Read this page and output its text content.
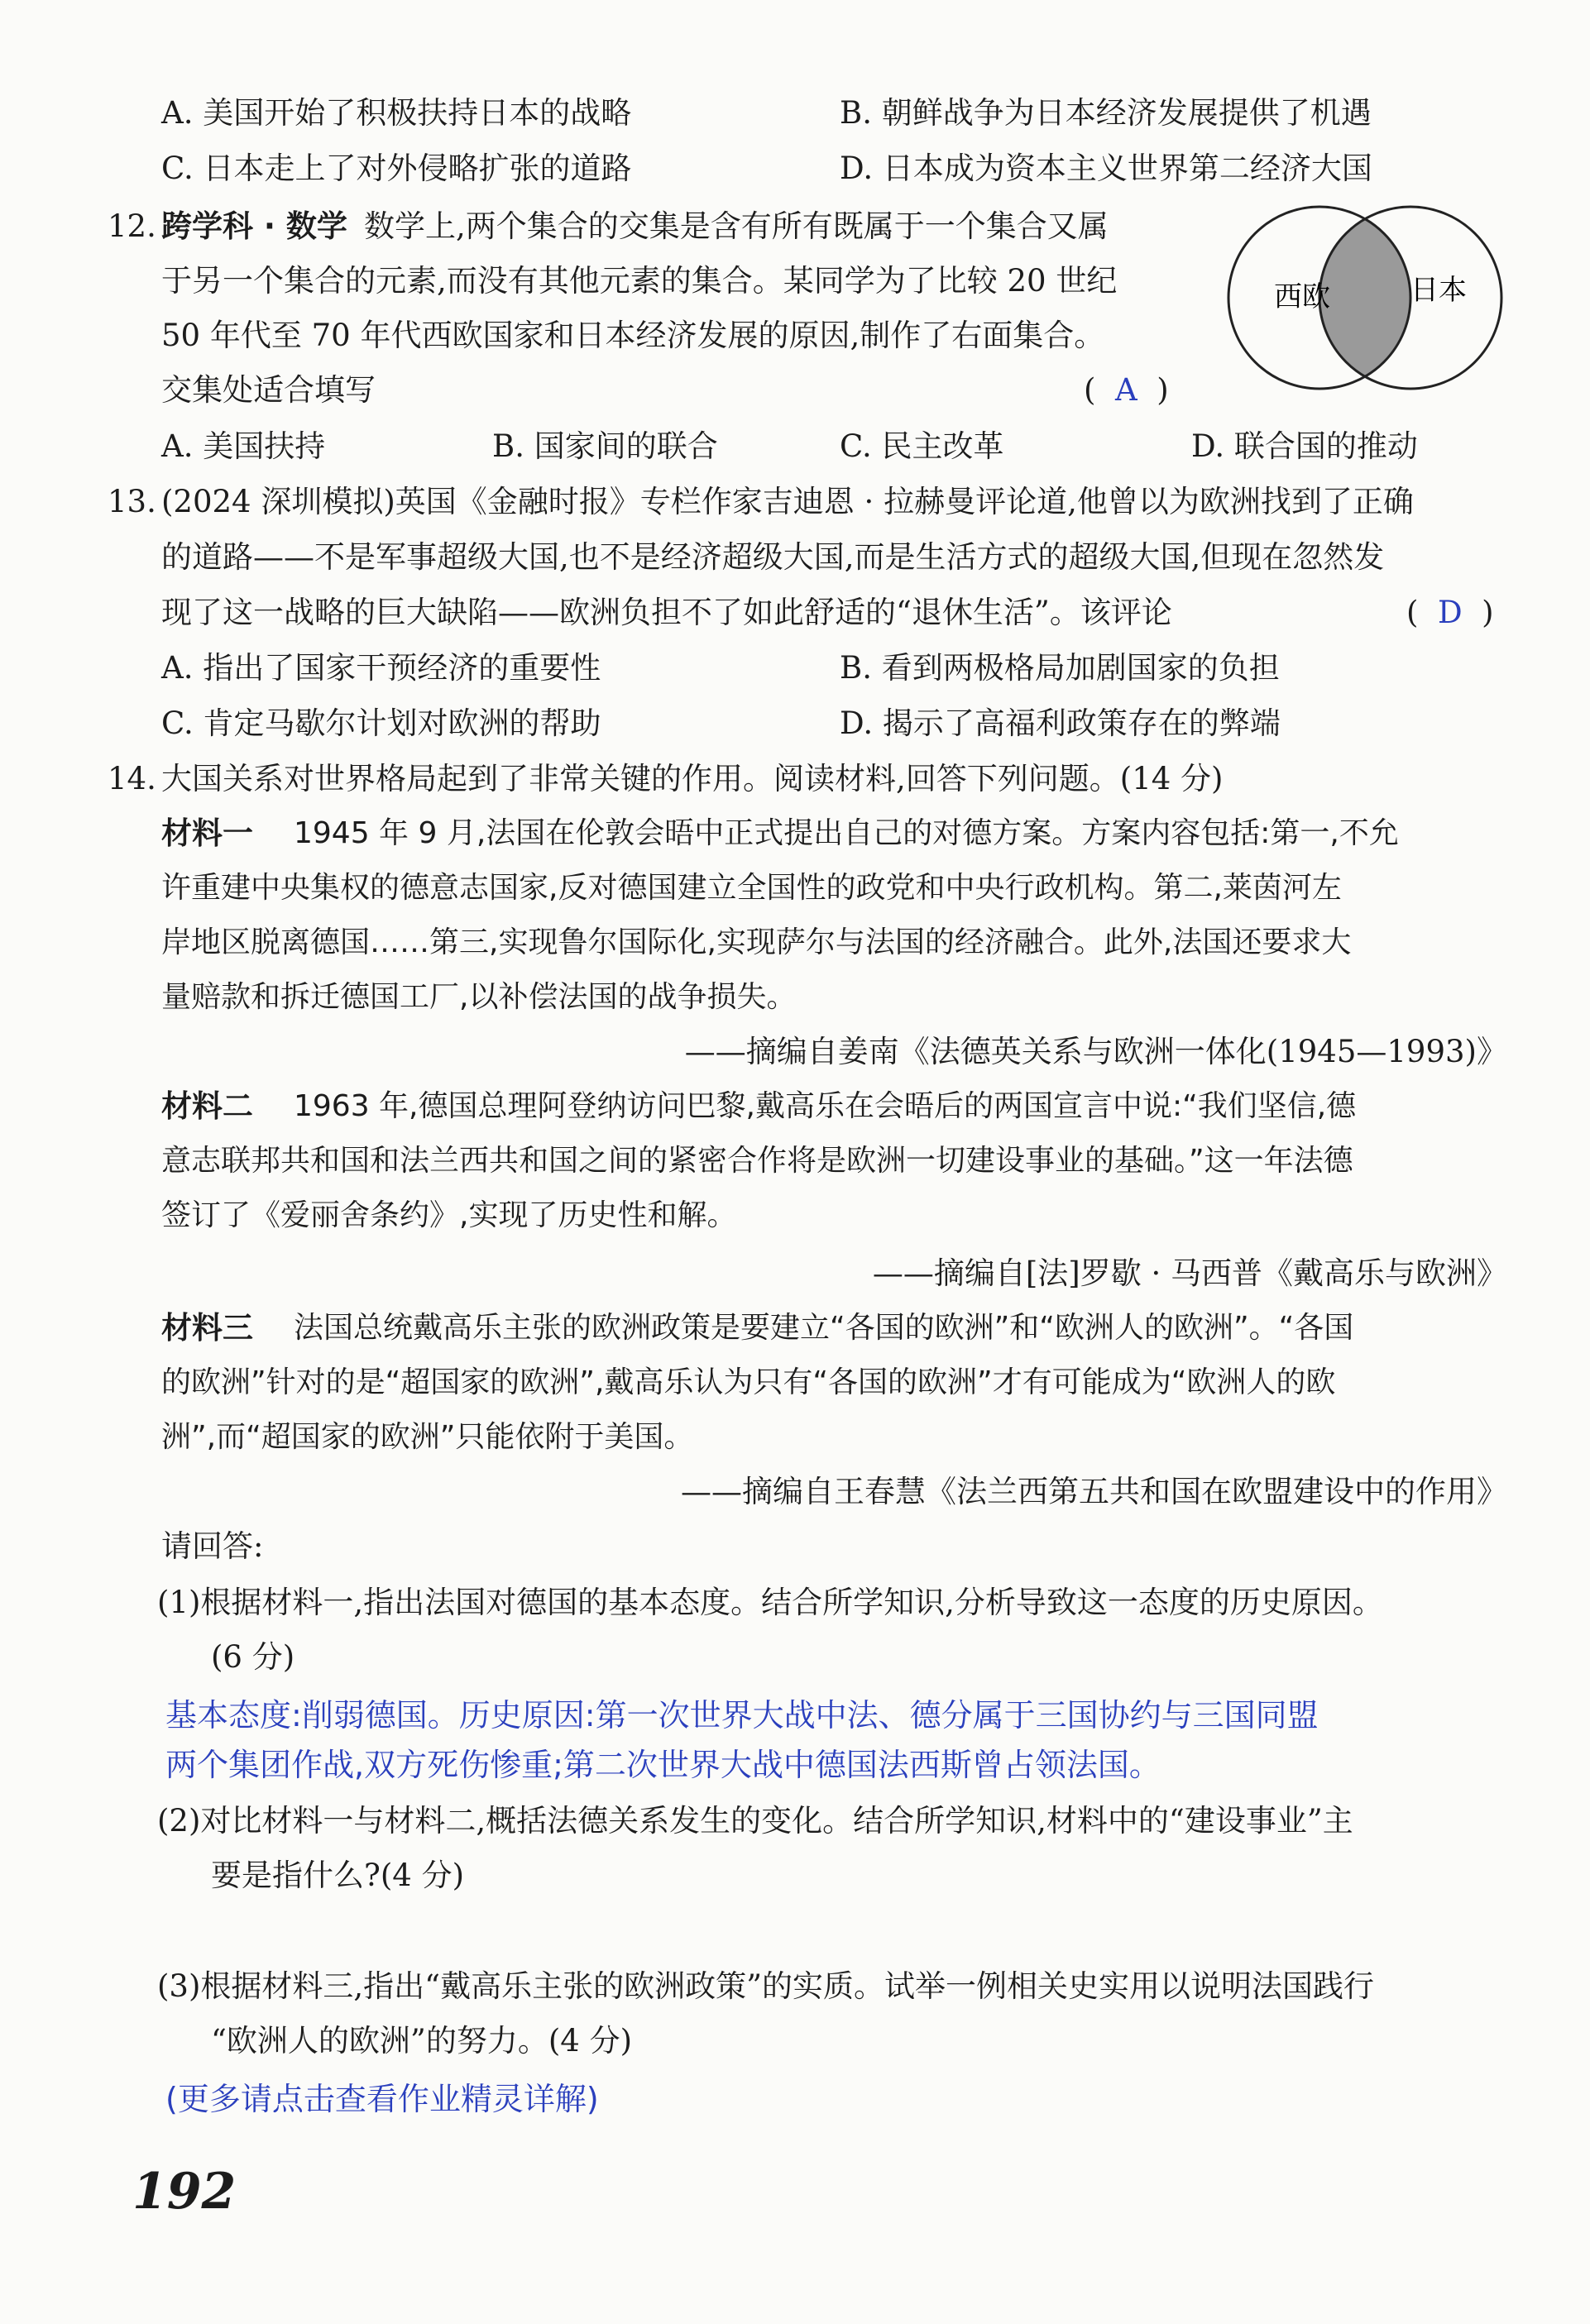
A. 美国开始了积极扶持日本的战略	B. 朝鲜战争为日本经济发展提供了机遇
C. 日本走上了对外侵略扩张的道路	D. 日本成为资本主义世界第二经济大国
12. 跨学科 · 数学 数学上,两个集合的交集是含有所有既属于一个集合又属
于另一个集合的元素,而没有其他元素的集合。某同学为了比较 20 世纪
50 年代至 70 年代西欧国家和日本经济发展的原因,制作了右面集合。
交集处适合填写	(  A  )
西欧	日本
A. 美国扶持	B. 国家间的联合	C. 民主改革	D. 联合国的推动
13. (2024 深圳模拟)英国《金融时报》专栏作家吉迪恩 · 拉赫曼评论道,他曾以为欧洲找到了正确
的道路——不是军事超级大国,也不是经济超级大国,而是生活方式的超级大国,但现在忽然发
现了这一战略的巨大缺陷——欧洲负担不了如此舒适的“退休生活”。该评论	(  D  )
A. 指出了国家干预经济的重要性	B. 看到两极格局加剧国家的负担
C. 肯定马歇尔计划对欧洲的帮助	D. 揭示了高福利政策存在的弊端
14. 大国关系对世界格局起到了非常关键的作用。阅读材料,回答下列问题。(14 分)
材料一 1945 年 9 月,法国在伦敦会晤中正式提出自己的对德方案。方案内容包括:第一,不允
许重建中央集权的德意志国家,反对德国建立全国性的政党和中央行政机构。第二,莱茵河左
岸地区脱离德国……第三,实现鲁尔国际化,实现萨尔与法国的经济融合。此外,法国还要求大
量赔款和拆迁德国工厂,以补偿法国的战争损失。
——摘编自姜南《法德英关系与欧洲一体化(1945—1993)》
材料二 1963 年,德国总理阿登纳访问巴黎,戴高乐在会晤后的两国宣言中说:“我们坚信,德
意志联邦共和国和法兰西共和国之间的紧密合作将是欧洲一切建设事业的基础。”这一年法德
签订了《爱丽舍条约》,实现了历史性和解。
——摘编自[法]罗歇 · 马西普《戴高乐与欧洲》
材料三 法国总统戴高乐主张的欧洲政策是要建立“各国的欧洲”和“欧洲人的欧洲”。“各国
的欧洲”针对的是“超国家的欧洲”,戴高乐认为只有“各国的欧洲”才有可能成为“欧洲人的欧
洲”,而“超国家的欧洲”只能依附于美国。
——摘编自王春慧《法兰西第五共和国在欧盟建设中的作用》
请回答:
(1)根据材料一,指出法国对德国的基本态度。结合所学知识,分析导致这一态度的历史原因。
(6 分)
基本态度:削弱德国。历史原因:第一次世界大战中法、德分属于三国协约与三国同盟
两个集团作战,双方死伤惨重;第二次世界大战中德国法西斯曾占领法国。
(2)对比材料一与材料二,概括法德关系发生的变化。结合所学知识,材料中的“建设事业”主
要是指什么?(4 分)
(3)根据材料三,指出“戴高乐主张的欧洲政策”的实质。试举一例相关史实用以说明法国践行
“欧洲人的欧洲”的努力。(4 分)
(更多请点击查看作业精灵详解)
192
